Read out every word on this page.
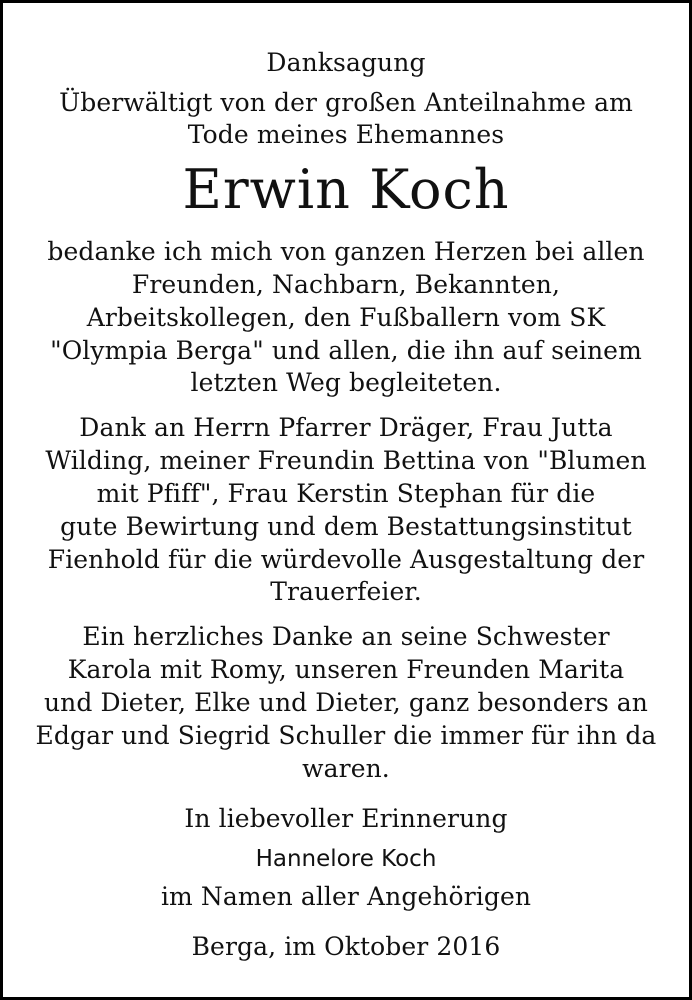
Danksagung
Überwältigt von der großen Anteilnahme am
Tode meines Ehemannes
Erwin Koch
bedanke ich mich von ganzen Herzen bei allen
Freunden, Nachbarn, Bekannten,
Arbeitskollegen, den Fußballern vom SK
"Olympia Berga" und allen, die ihn auf seinem
letzten Weg begleiteten.
Dank an Herrn Pfarrer Dräger, Frau Jutta
Wilding, meiner Freundin Bettina von "Blumen
mit Pfiff", Frau Kerstin Stephan für die
gute Bewirtung und dem Bestattungsinstitut
Fienhold für die würdevolle Ausgestaltung der
Trauerfeier.
Ein herzliches Danke an seine Schwester
Karola mit Romy, unseren Freunden Marita
und Dieter, Elke und Dieter, ganz besonders an
Edgar und Siegrid Schuller die immer für ihn da
waren.
In liebevoller Erinnerung
Hannelore Koch
im Namen aller Angehörigen
Berga, im Oktober 2016
